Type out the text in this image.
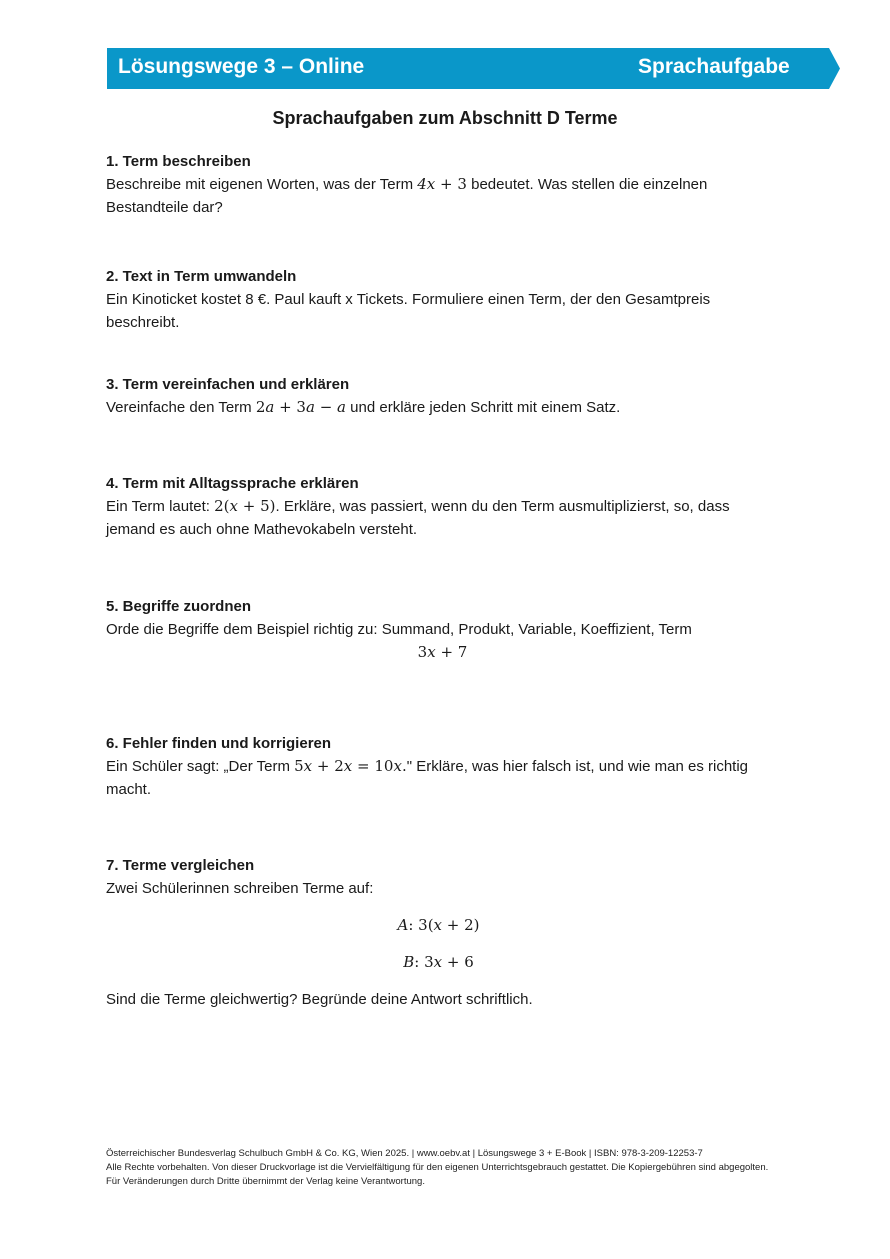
Lösungswege 3 – Online	Sprachaufgabe
Sprachaufgaben zum Abschnitt D Terme
1. Term beschreiben
Beschreibe mit eigenen Worten, was der Term 4x + 3 bedeutet. Was stellen die einzelnen Bestandteile dar?
2. Text in Term umwandeln
Ein Kinoticket kostet 8 €. Paul kauft x Tickets. Formuliere einen Term, der den Gesamtpreis beschreibt.
3. Term vereinfachen und erklären
Vereinfache den Term 2a + 3a − a und erkläre jeden Schritt mit einem Satz.
4. Term mit Alltagssprache erklären
Ein Term lautet: 2(x + 5). Erkläre, was passiert, wenn du den Term ausmultiplizierst, so, dass jemand es auch ohne Mathevokabeln versteht.
5. Begriffe zuordnen
Orde die Begriffe dem Beispiel richtig zu: Summand, Produkt, Variable, Koeffizient, Term
3x + 7
6. Fehler finden und korrigieren
Ein Schüler sagt: „Der Term 5x + 2x = 10x." Erkläre, was hier falsch ist, und wie man es richtig macht.
7. Terme vergleichen
Zwei Schülerinnen schreiben Terme auf:
A: 3(x + 2)
B: 3x + 6
Sind die Terme gleichwertig? Begründe deine Antwort schriftlich.
Österreichischer Bundesverlag Schulbuch GmbH & Co. KG, Wien 2025. | www.oebv.at | Lösungswege 3 + E-Book | ISBN: 978-3-209-12253-7
Alle Rechte vorbehalten. Von dieser Druckvorlage ist die Vervielfältigung für den eigenen Unterrichtsgebrauch gestattet. Die Kopiergebühren sind abgegolten.
Für Veränderungen durch Dritte übernimmt der Verlag keine Verantwortung.
